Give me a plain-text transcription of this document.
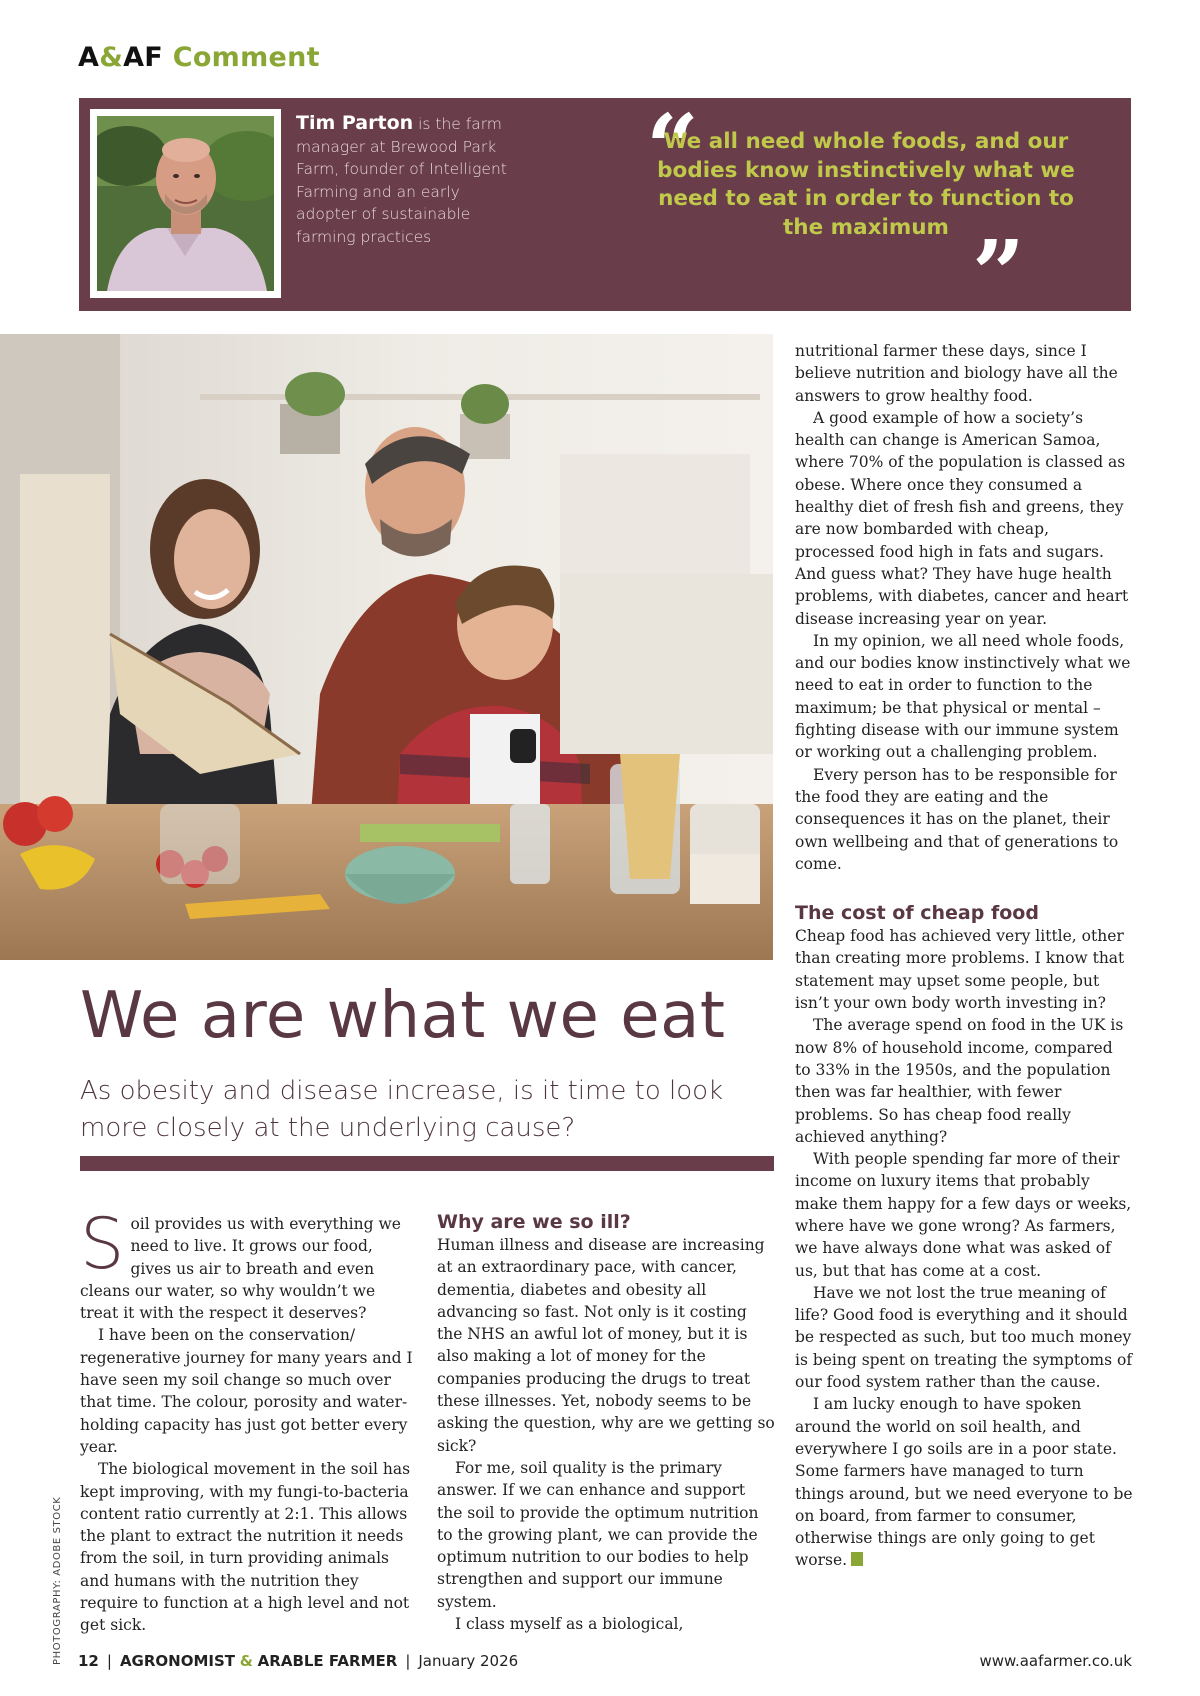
A&AF Comment
Tim Parton is the farm manager at Brewood Park Farm, founder of Intelligent Farming and an early adopter of sustainable farming practices
“
We all need whole foods, and our bodies know instinctively what we need to eat in order to function to the maximum ”
We are what we eat

As obesity and disease increase, is it time to look more closely at the underlying cause?

Soil provides us with everything we need to live. It grows our food, gives us air to breath and even cleans our water, so why wouldn’t we treat it with the respect it deserves?

I have been on the conservation/ regenerative journey for many years and I have seen my soil change so much over that time. The colour, porosity and water-holding capacity has just got better every year.

The biological movement in the soil has kept improving, with my fungi-to-bacteria content ratio currently at 2:1. This allows the plant to extract the nutrition it needs from the soil, in turn providing animals and humans with the nutrition they require to function at a high level and not get sick.

Why are we so ill?

Human illness and disease are increasing at an extraordinary pace, with cancer, dementia, diabetes and obesity all advancing so fast. Not only is it costing the NHS an awful lot of money, but it is also making a lot of money for the companies producing the drugs to treat these illnesses. Yet, nobody seems to be asking the question, why are we getting so sick?

For me, soil quality is the primary answer. If we can enhance and support the soil to provide the optimum nutrition to the growing plant, we can provide the optimum nutrition to our bodies to help strengthen and support our immune system.

I class myself as a biological,

nutritional farmer these days, since I believe nutrition and biology have all the answers to grow healthy food.

A good example of how a society’s health can change is American Samoa, where 70% of the population is classed as obese. Where once they consumed a healthy diet of fresh fish and greens, they are now bombarded with cheap, processed food high in fats and sugars. And guess what? They have huge health problems, with diabetes, cancer and heart disease increasing year on year.

In my opinion, we all need whole foods, and our bodies know instinctively what we need to eat in order to function to the maximum; be that physical or mental – fighting disease with our immune system or working out a challenging problem.

Every person has to be responsible for the food they are eating and the consequences it has on the planet, their own wellbeing and that of generations to come.

The cost of cheap food

Cheap food has achieved very little, other than creating more problems. I know that statement may upset some people, but isn’t your own body worth investing in?

The average spend on food in the UK is now 8% of household income, compared to 33% in the 1950s, and the population then was far healthier, with fewer problems. So has cheap food really achieved anything?

With people spending far more of their income on luxury items that probably make them happy for a few days or weeks, where have we gone wrong? As farmers, we have always done what was asked of us, but that has come at a cost.

Have we not lost the true meaning of life? Good food is everything and it should be respected as such, but too much money is being spent on treating the symptoms of our food system rather than the cause.

I am lucky enough to have spoken around the world on soil health, and everywhere I go soils are in a poor state. Some farmers have managed to turn things around, but we need everyone to be on board, from farmer to consumer, otherwise things are only going to get worse.

PHOTOGRAPHY: ADOBE STOCK	12 | AGRONOMIST & ARABLE FARMER | January 2026	www.aafarmer.co.uk
